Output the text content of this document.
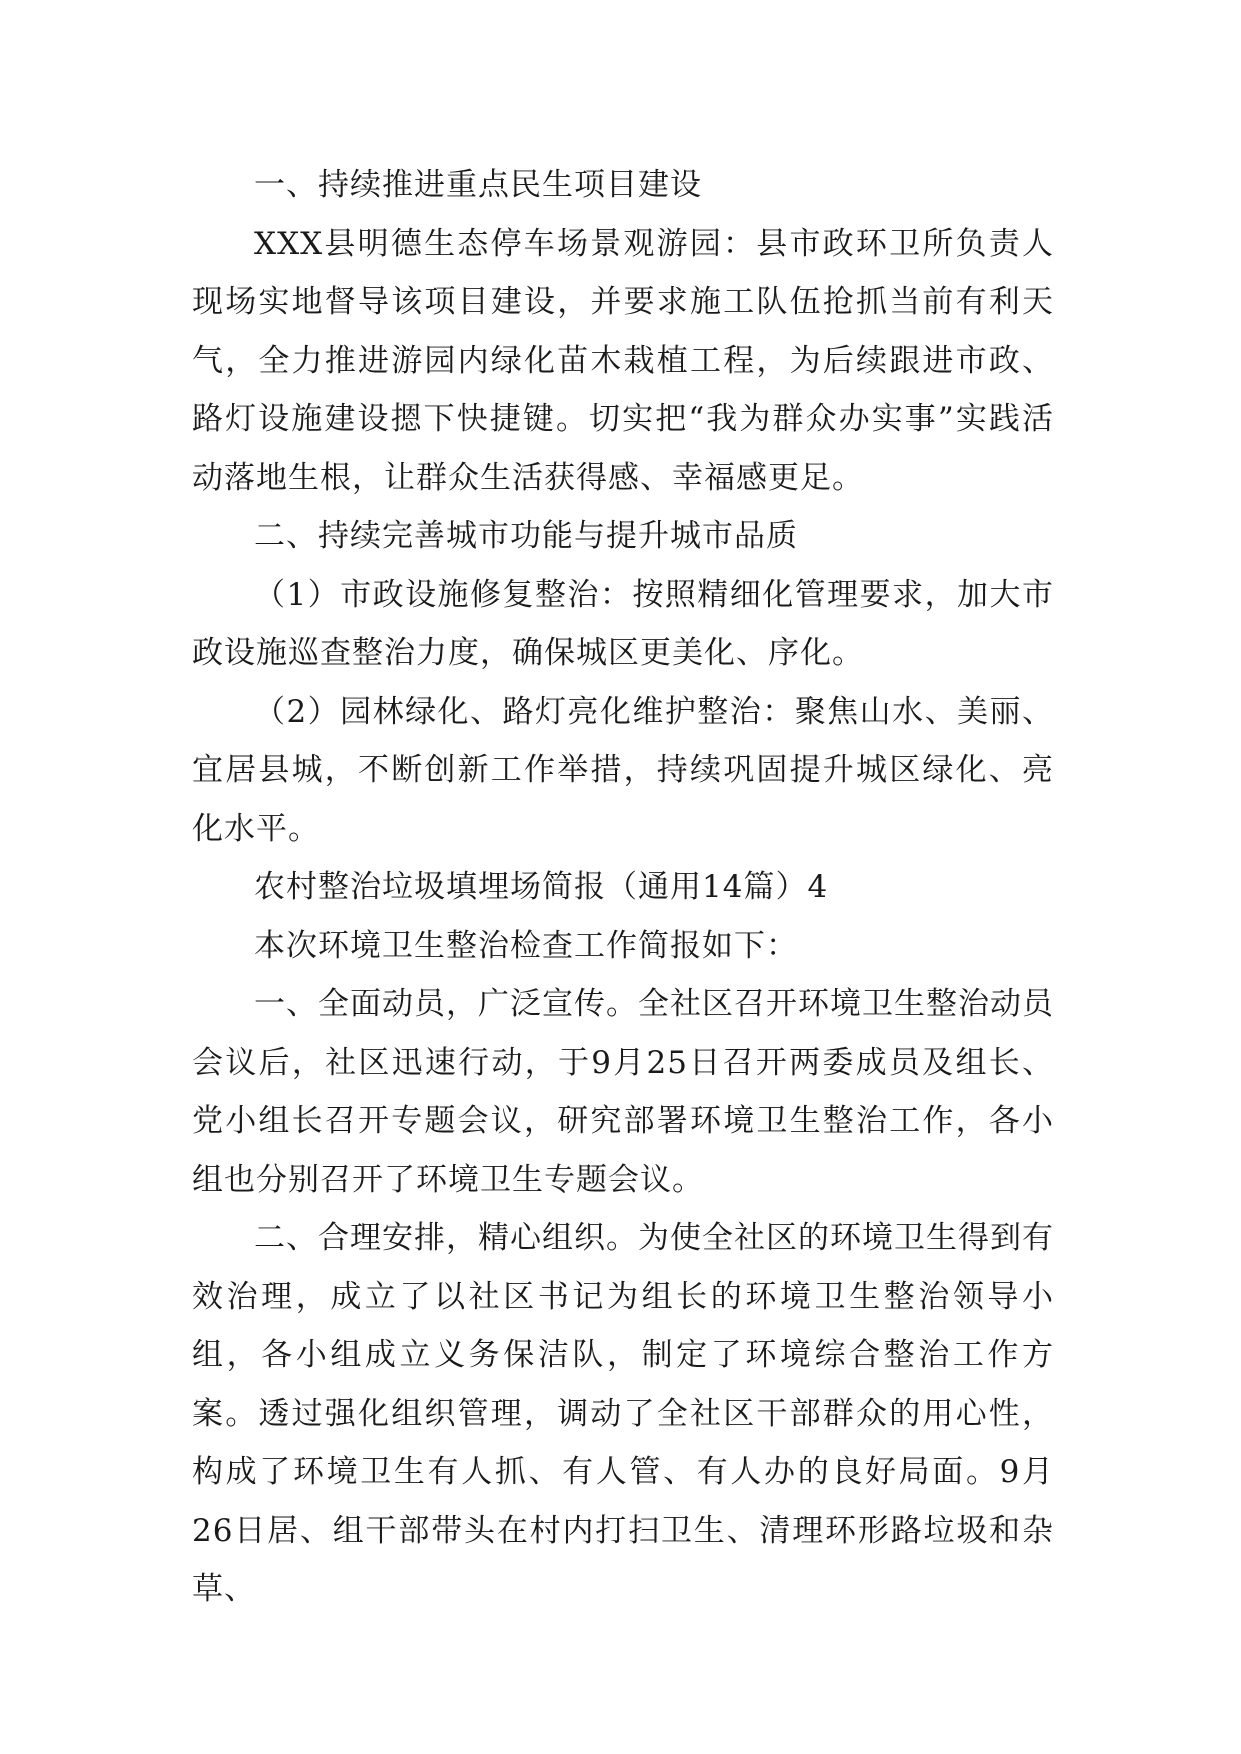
一、持续推进重点民生项目建设

XXX县明德生态停车场景观游园：县市政环卫所负责人现场实地督导该项目建设，并要求施工队伍抢抓当前有利天气，全力推进游园内绿化苗木栽植工程，为后续跟进市政、路灯设施建设摁下快捷键。切实把“我为群众办实事”实践活动落地生根，让群众生活获得感、幸福感更足。

二、持续完善城市功能与提升城市品质

（1）市政设施修复整治：按照精细化管理要求，加大市政设施巡查整治力度，确保城区更美化、序化。

（2）园林绿化、路灯亮化维护整治：聚焦山水、美丽、宜居县城，不断创新工作举措，持续巩固提升城区绿化、亮化水平。

农村整治垃圾填埋场简报（通用14篇）4

本次环境卫生整治检查工作简报如下：

一、全面动员，广泛宣传。全社区召开环境卫生整治动员会议后，社区迅速行动，于9月25日召开两委成员及组长、党小组长召开专题会议，研究部署环境卫生整治工作，各小组也分别召开了环境卫生专题会议。

二、合理安排，精心组织。为使全社区的环境卫生得到有效治理，成立了以社区书记为组长的环境卫生整治领导小组，各小组成立义务保洁队，制定了环境综合整治工作方案。透过强化组织管理，调动了全社区干部群众的用心性，构成了环境卫生有人抓、有人管、有人办的良好局面。9月26日居、组干部带头在村内打扫卫生、清理环形路垃圾和杂草、
